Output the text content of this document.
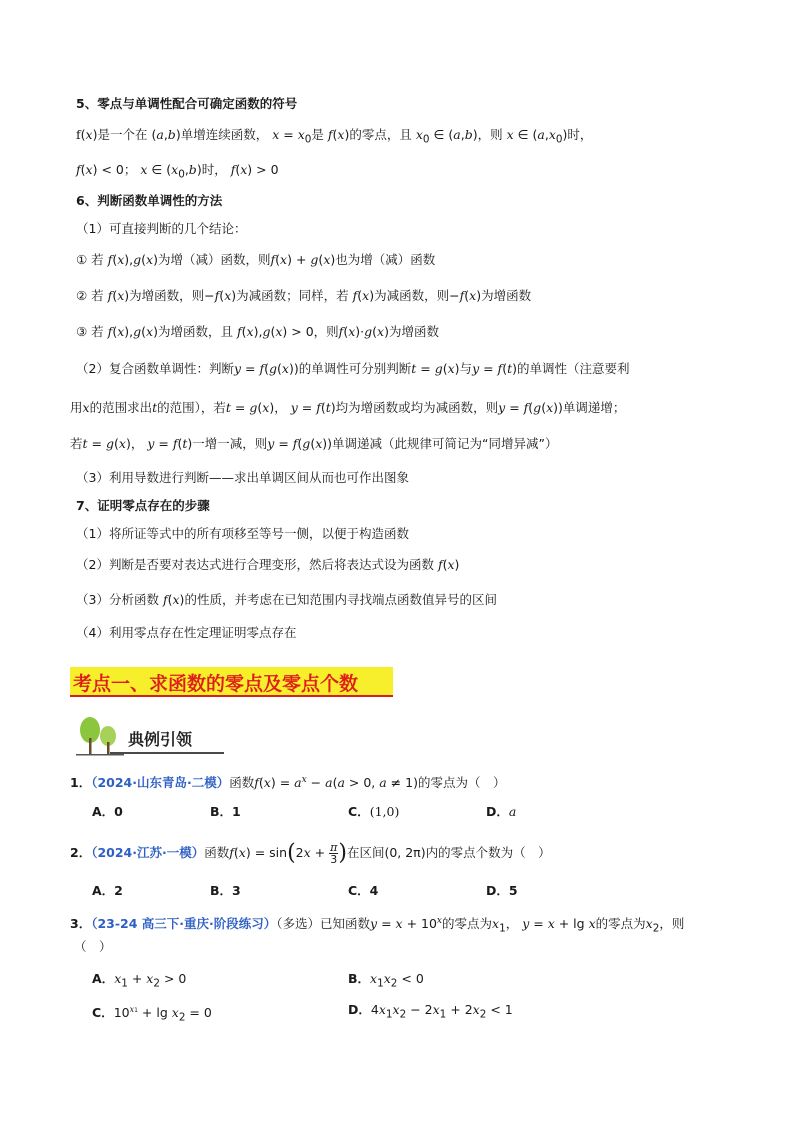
5、零点与单调性配合可确定函数的符号
f(x)是一个在 (a,b)单增连续函数， $x = x_0$是 f(x)的零点，且 $x_0$ ∈ (a,b)，则 x ∈ $(a,x_0)$时，
f(x) < 0； x ∈ $(x_0,b)$时， f(x) > 0
6、判断函数单调性的方法
（1）可直接判断的几个结论：
① 若 f(x),g(x)为增（减）函数，则f(x) + g(x)也为增（减）函数
② 若 f(x)为增函数，则−f(x)为减函数；同样，若 f(x)为减函数，则−f(x)为增函数
③ 若 f(x),g(x)为增函数，且 f(x),g(x) > 0，则f(x)·g(x)为增函数
（2）复合函数单调性：判断y = f(g(x))的单调性可分别判断t = g(x)与y = f(t)的单调性（注意要利
用x的范围求出t的范围），若t = g(x)， y = f(t)均为增函数或均为减函数，则y = f(g(x))单调递增；
若t = g(x)， y = f(t)一增一减，则y = f(g(x))单调递减（此规律可简记为“同增异减”）
（3）利用导数进行判断——求出单调区间从而也可作出图象
7、证明零点存在的步骤
（1）将所证等式中的所有项移至等号一侧，以便于构造函数
（2）判断是否要对表达式进行合理变形，然后将表达式设为函数 f(x)
（3）分析函数 f(x)的性质，并考虑在已知范围内寻找端点函数值异号的区间
（4）利用零点存在性定理证明零点存在
考点一、求函数的零点及零点个数
典例引领
1．（2024·山东青岛·二模）函数$f(x) = a^x - a(a > 0$, a ≠ 1)的零点为（　）
A．0	B．1	C．(1,0)	D．a
2．（2024·江苏·一模）函数$f(x) = \sin(2x + \frac{\pi}{3}$ )在区间(0, 2π)内的零点个数为（　）
A．2	B．3	C．4	D．5
3．（23-24 高三下·重庆·阶段练习）（多选）已知函数$y = x + 10^x$的零点为$x_1$， y = x + lg x的零点为$x_2$，则
（　）
A．$x_1 + x_2 > 0$	B．$x_1x_2 < 0$
C．$10^{x1} + \lg x_2 = 0$	D．$4x_1x_2 - 2x_1 + 2x_2 < 1$
